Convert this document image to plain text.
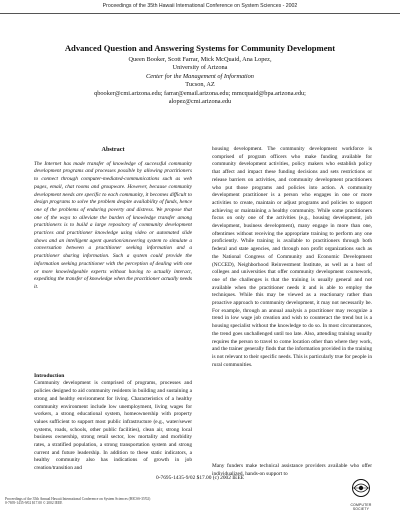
Proceedings of the 35th Hawaii International Conference on System Sciences - 2002
Advanced Question and Answering Systems for Community Development
Queen Booker, Scott Farrar, Mick McQuaid, Ana Lopez,
University of Arizona
Center for the Management of Information
Tucson, AZ
qbooker@cmi.arizona.edu; farrar@email.arizona.edu; mmcquaid@bpa.arizona.edu;
alopez@cmi.arizona.edu
Abstract

The Internet has made transfer of knowledge of successful community development programs and processes possible by allowing practitioners to connect through computer-mediated-communications such as web pages, email, chat rooms and groupware. However, because community development needs are specific to each community, it becomes difficult to design programs to solve the problem despite availability of funds, hence one of the problems of enduring poverty and distress. We propose that one of the ways to alleviate the burden of knowledge transfer among practitioners is to build a large repository of community development practices and practitioner knowledge using video or automated slide shows and an intelligent agent question/answering system to simulate a conversation between a practitioner seeking information and a practitioner sharing information. Such a system could provide the information seeking practitioner with the perception of dealing with one or more knowledgeable experts without having to actually interact, expediting the transfer of knowledge when the practitioner actually needs it.

Introduction

Community development is comprised of programs, processes and policies designed to aid community residents in building and sustaining a strong and healthy environment for living. Characteristics of a healthy community environment include low unemployment, living wages for workers, a strong educational system, homeownership with property values sufficient to support most public infrastructure (e.g., water/sewer systems, roads, schools, other public facilities), clean air, strong local business ownership, strong retail sector, low mortality and morbidity rates, a stratified population, a strong transportation system and strong current and future leadership. In addition to these static indicators, a healthy community also has indications of growth in job creation/transition and

housing development. The community development workforce is comprised of program officers who make funding available for community development activities, policy makers who establish policy that affect and impact these funding decisions and sets restrictions or release barriers on activities, and community development practitioners who put those programs and policies into action. A community development practitioner is a person who engages in one or more activities to create, maintain or adjust programs and policies to support achieving or maintaining a healthy community. While some practitioners focus on only one of the activities (e.g., housing development, job development, business development), many engage in more than one, oftentimes without receiving the appropriate training to perform any one proficiently. While training is available to practitioners through both federal and state agencies, and through non profit organizations such as the National Congress of Community and Economic Development (NCCED), Neighborhood Reinvestment Institute, as well as a host of colleges and universities that offer community development coursework, one of the challenges is that the training is usually general and not available when the practitioner needs it and is able to employ the techniques. While this may be viewed as a reactionary rather than proactive approach to community development, it may not necessarily be. For example, through an annual analysis a practitioner may recognize a trend in low wage job creation and wish to counteract the trend but is a housing specialist without the knowledge to do so. In most circumstances, the trend goes unchallenged until too late. Also, attending training usually requires the person to travel to come location other than where they work, and the trainer generally finds that the information provided in the training is not relevant to their specific needs. This is particularly true for people in rural communities.

Many funders make technical assistance providers available who offer individualized, hands-on support to

0-7695-1435-9/02 $17.00 (c) 2002 IEEE
Proceedings of the 35th Annual Hawaii International Conference on System Sciences (HICSS-35'02)
0-7695-1435-9/02 $17.00 © 2002 IEEE	COMPUTER
SOCIETY
